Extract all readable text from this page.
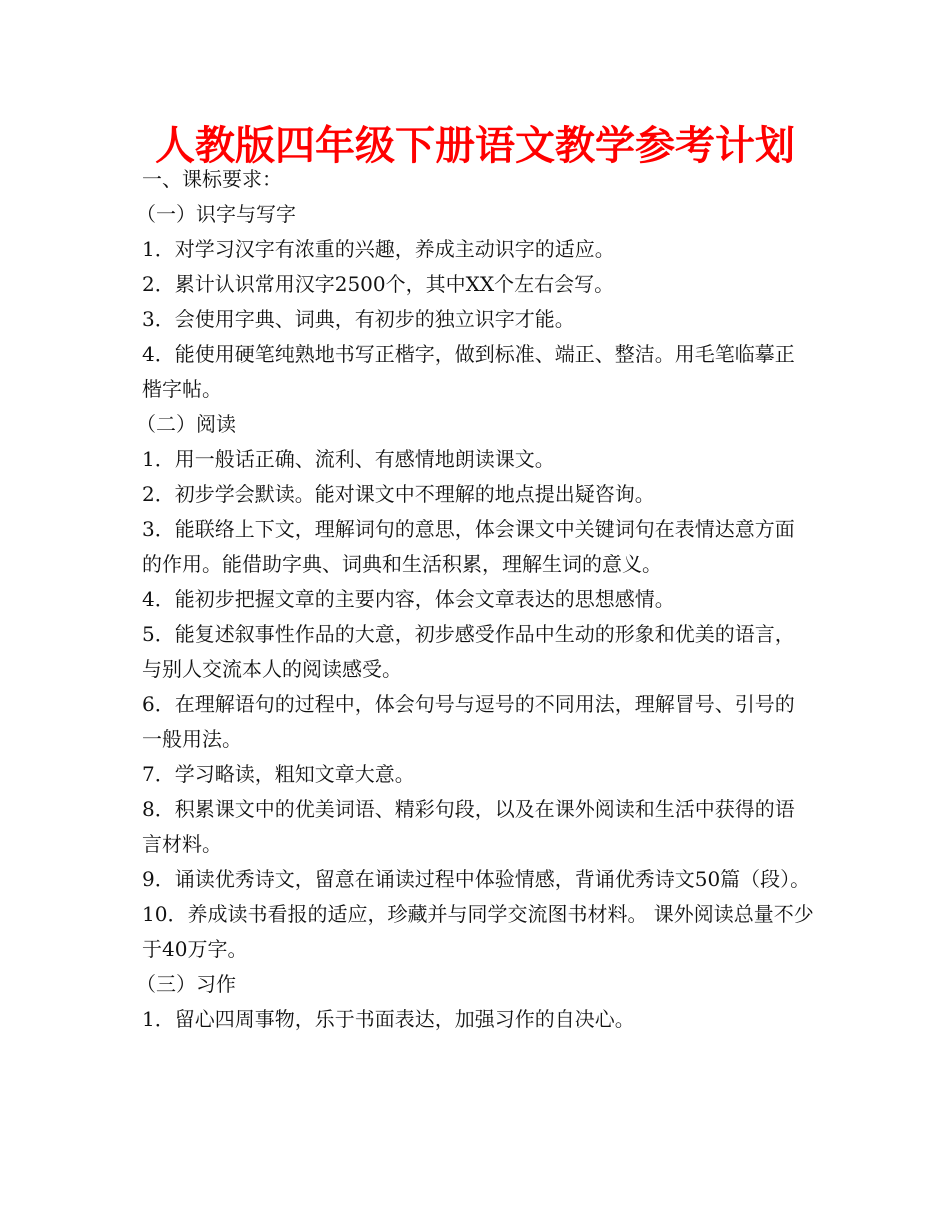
人教版四年级下册语文教学参考计划
一、课标要求：
（一）识字与写字
1．对学习汉字有浓重的兴趣，养成主动识字的适应。
2．累计认识常用汉字2500个，其中XX个左右会写。
3．会使用字典、词典，有初步的独立识字才能。
4．能使用硬笔纯熟地书写正楷字，做到标准、端正、整洁。用毛笔临摹正楷字帖。
（二）阅读
1．用一般话正确、流利、有感情地朗读课文。
2．初步学会默读。能对课文中不理解的地点提出疑咨询。
3．能联络上下文，理解词句的意思，体会课文中关键词句在表情达意方面的作用。能借助字典、词典和生活积累，理解生词的意义。
4．能初步把握文章的主要内容，体会文章表达的思想感情。
5．能复述叙事性作品的大意，初步感受作品中生动的形象和优美的语言，与别人交流本人的阅读感受。
6．在理解语句的过程中，体会句号与逗号的不同用法，理解冒号、引号的一般用法。
7．学习略读，粗知文章大意。
8．积累课文中的优美词语、精彩句段，以及在课外阅读和生活中获得的语言材料。
9．诵读优秀诗文，留意在诵读过程中体验情感，背诵优秀诗文50篇（段）。
10．养成读书看报的适应，珍藏并与同学交流图书材料。 课外阅读总量不少于40万字。
（三）习作
1．留心四周事物，乐于书面表达，加强习作的自决心。
